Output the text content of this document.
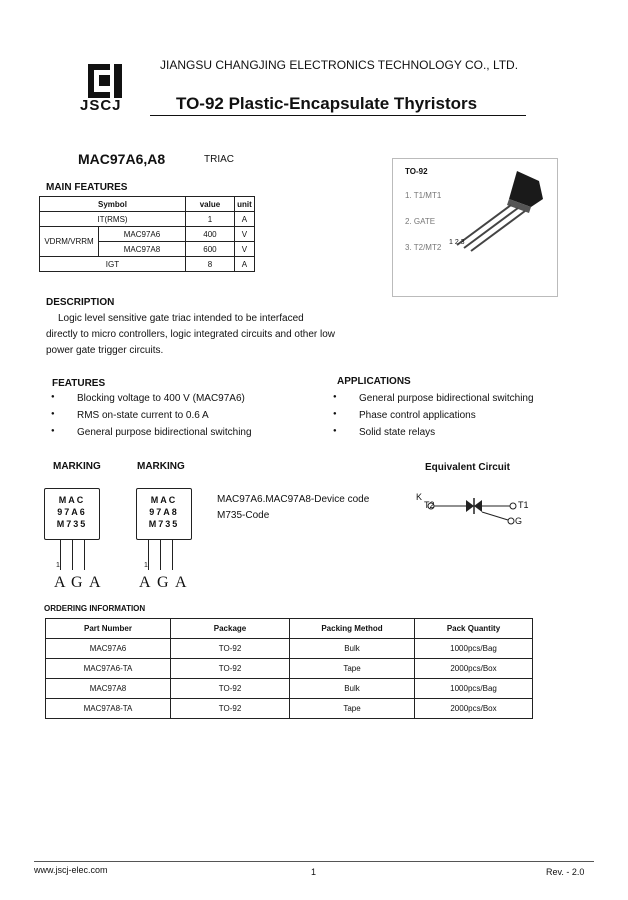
JSCJ
JIANGSU CHANGJING ELECTRONICS TECHNOLOGY CO., LTD.
TO-92 Plastic-Encapsulate Thyristors
MAC97A6,A8	TRIAC
MAIN FEATURES
Symbol		value	unit
IT(RMS)		1	A
VDRM/VRRM	MAC97A6	400	V
	MAC97A8	600	V
IGT		8	A
TO-92
1. T1/MT1
2. GATE
3. T2/MT2
1 2 3
DESCRIPTION
Logic level sensitive gate triac intended to be interfaced
directly to micro controllers, logic integrated circuits and other low
power gate trigger circuits.
FEATURES
● Blocking voltage to 400 V (MAC97A6)
● RMS on-state current to 0.6 A
● General purpose bidirectional switching
APPLICATIONS
● General purpose bidirectional switching
● Phase control applications
● Solid state relays
MARKING	MARKING
MAC
97A6
M735
1
A G A
MAC
97A8
M735
1
A G A
MAC97A6.MAC97A8-Device code
M735-Code
Equivalent Circuit
K
T2	T1
G
ORDERING INFORMATION
Part Number	Package	Packing Method	Pack Quantity
MAC97A6	TO-92	Bulk	1000pcs/Bag
MAC97A6-TA	TO-92	Tape	2000pcs/Box
MAC97A8	TO-92	Bulk	1000pcs/Bag
MAC97A8-TA	TO-92	Tape	2000pcs/Box
www.jscj-elec.com	1	Rev. - 2.0
